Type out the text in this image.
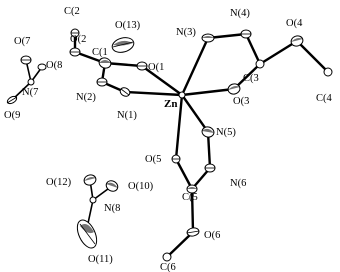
Zn
C(2
O(13)
O(7	O(2
C(1
O(1
O(8
N(7	N(2)
N(1)
O(9
N(3)
N(4)
O(4
C(3
O(3	C(4
O(5
N(5)
N(6
C(5
O(12)	O(10)
N(8
O(11)
O(6
C(6
